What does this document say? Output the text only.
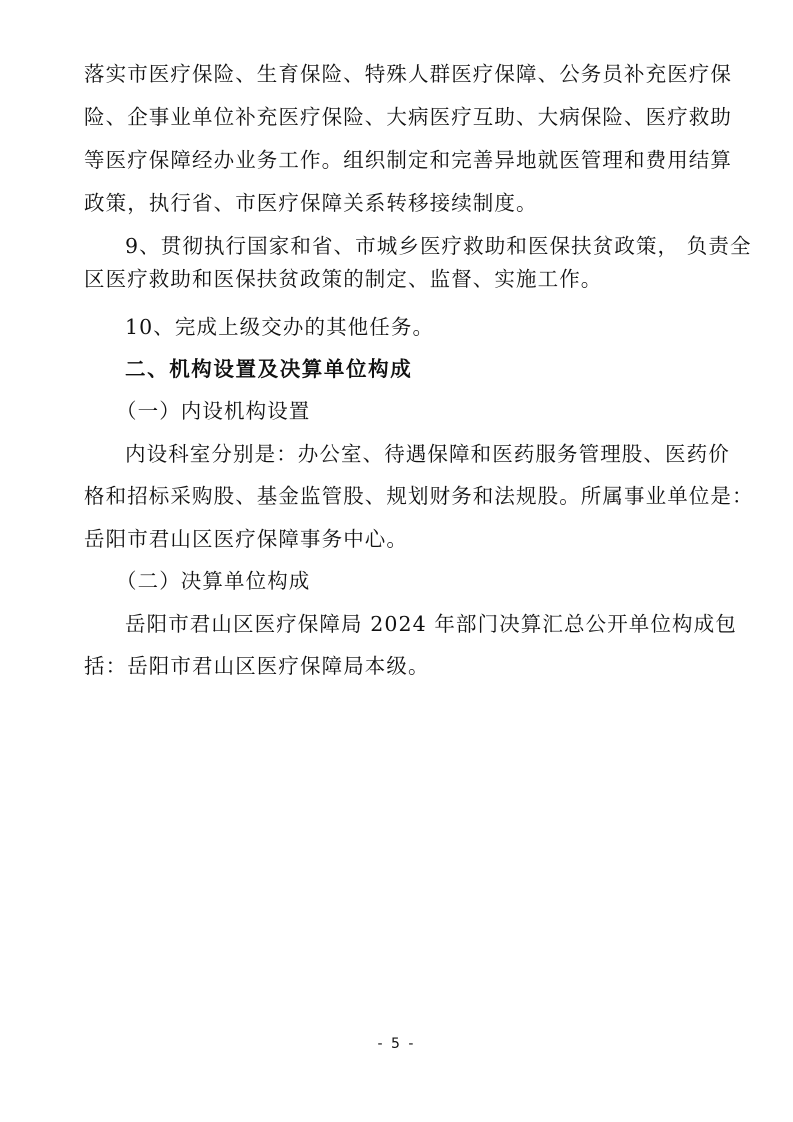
落实市医疗保险、生育保险、特殊人群医疗保障、公务员补充医疗保
险、企事业单位补充医疗保险、大病医疗互助、大病保险、医疗救助
等医疗保障经办业务工作。组织制定和完善异地就医管理和费用结算
政策，执行省、市医疗保障关系转移接续制度。
9、贯彻执行国家和省、市城乡医疗救助和医保扶贫政策， 负责全
区医疗救助和医保扶贫政策的制定、监督、实施工作。
10、完成上级交办的其他任务。
二、机构设置及决算单位构成
（一）内设机构设置
内设科室分别是：办公室、待遇保障和医药服务管理股、医药价
格和招标采购股、基金监管股、规划财务和法规股。所属事业单位是：
岳阳市君山区医疗保障事务中心。
（二）决算单位构成
岳阳市君山区医疗保障局 2024 年部门决算汇总公开单位构成包
括：岳阳市君山区医疗保障局本级。
- 5 -
